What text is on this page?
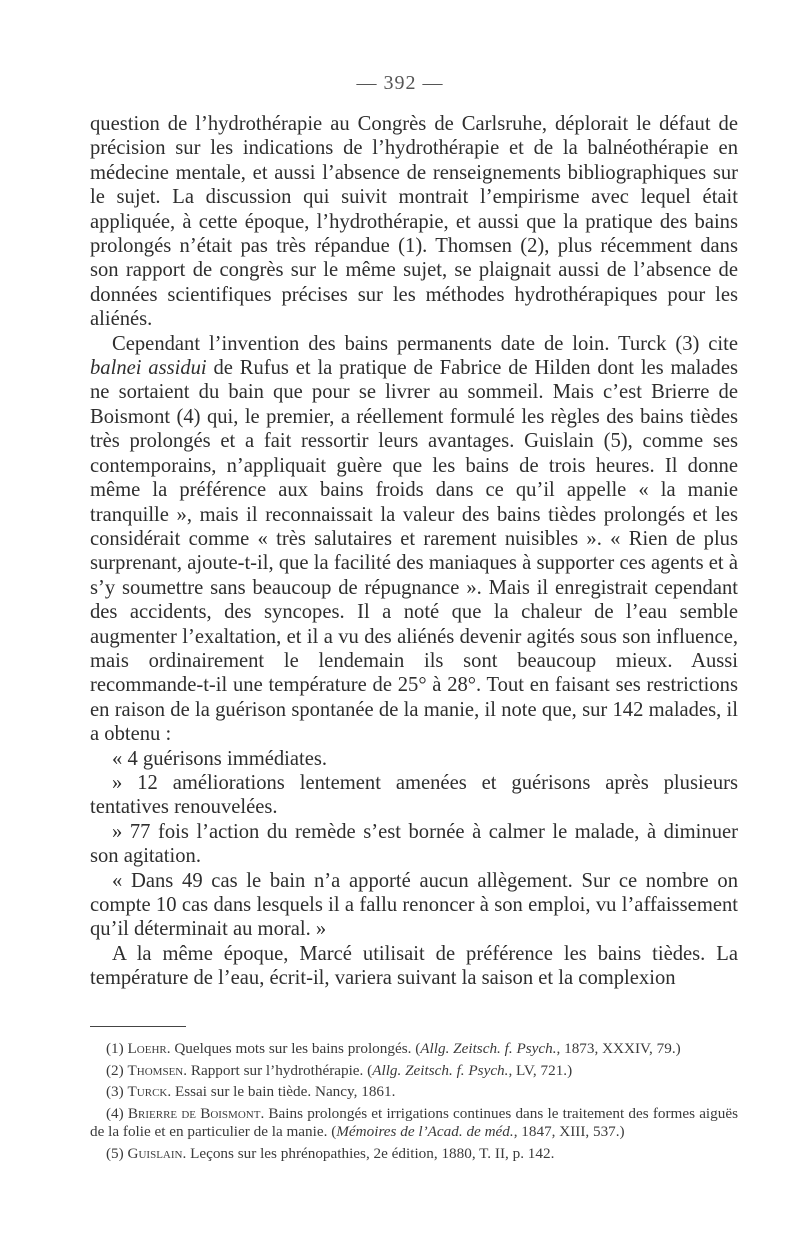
— 392 —

question de l’hydrothérapie au Congrès de Carlsruhe, déplorait le défaut de précision sur les indications de l’hydrothérapie et de la balnéothérapie en médecine mentale, et aussi l’absence de renseignements bibliographiques sur le sujet. La discussion qui suivit montrait l’empirisme avec lequel était appliquée, à cette époque, l’hydrothérapie, et aussi que la pratique des bains prolongés n’était pas très répandue (1). Thomsen (2), plus récemment dans son rapport de congrès sur le même sujet, se plaignait aussi de l’absence de données scientifiques précises sur les méthodes hydrothérapiques pour les aliénés.

Cependant l’invention des bains permanents date de loin. Turck (3) cite balnei assidui de Rufus et la pratique de Fabrice de Hilden dont les malades ne sortaient du bain que pour se livrer au sommeil. Mais c’est Brierre de Boismont (4) qui, le premier, a réellement formulé les règles des bains tièdes très prolongés et a fait ressortir leurs avantages. Guislain (5), comme ses contemporains, n’appliquait guère que les bains de trois heures. Il donne même la préférence aux bains froids dans ce qu’il appelle « la manie tranquille », mais il reconnaissait la valeur des bains tièdes prolongés et les considérait comme « très salutaires et rarement nuisibles ». « Rien de plus surprenant, ajoute-t-il, que la facilité des maniaques à supporter ces agents et à s’y soumettre sans beaucoup de répugnance ». Mais il enregistrait cependant des accidents, des syncopes. Il a noté que la chaleur de l’eau semble augmenter l’exaltation, et il a vu des aliénés devenir agités sous son influence, mais ordinairement le lendemain ils sont beaucoup mieux. Aussi recommande-t-il une température de 25° à 28°. Tout en faisant ses restrictions en raison de la guérison spontanée de la manie, il note que, sur 142 malades, il a obtenu :

« 4 guérisons immédiates.

» 12 améliorations lentement amenées et guérisons après plusieurs tentatives renouvelées.

» 77 fois l’action du remède s’est bornée à calmer le malade, à diminuer son agitation.

« Dans 49 cas le bain n’a apporté aucun allègement. Sur ce nombre on compte 10 cas dans lesquels il a fallu renoncer à son emploi, vu l’affaissement qu’il déterminait au moral. »

A la même époque, Marcé utilisait de préférence les bains tièdes. La température de l’eau, écrit-il, variera suivant la saison et la complexion

(1) Loehr. Quelques mots sur les bains prolongés. (Allg. Zeitsch. f. Psych., 1873, XXXIV, 79.)

(2) Thomsen. Rapport sur l’hydrothérapie. (Allg. Zeitsch. f. Psych., LV, 721.)

(3) Turck. Essai sur le bain tiède. Nancy, 1861.

(4) Brierre de Boismont. Bains prolongés et irrigations continues dans le traitement des formes aiguës de la folie et en particulier de la manie. (Mémoires de l’Acad. de méd., 1847, XIII, 537.)

(5) Guislain. Leçons sur les phrénopathies, 2e édition, 1880, T. II, p. 142.
